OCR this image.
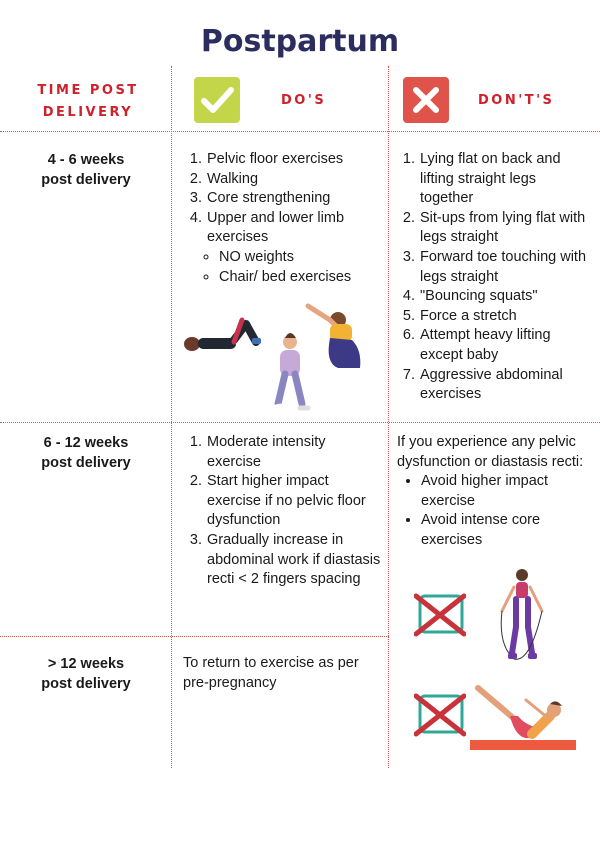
Postpartum
TIME POST
DELIVERY
DO'S	DON'T'S
4 - 6 weeks
post delivery
1. Pelvic floor exercises
2. Walking
3. Core strengthening
4. Upper and lower limb exercises
◦ NO weights
◦ Chair/ bed exercises
1. Lying flat on back and lifting straight legs together
2. Sit-ups from lying flat with legs straight
3. Forward toe touching with legs straight
4. "Bouncing squats"
5. Force a stretch
6. Attempt heavy lifting except baby
7. Aggressive abdominal exercises
6 - 12 weeks
post delivery
1. Moderate intensity exercise
2. Start higher impact exercise if no pelvic floor dysfunction
3. Gradually increase in abdominal work if diastasis recti < 2 fingers spacing

If you experience any pelvic dysfunction or diastasis recti:

• Avoid higher impact exercise
• Avoid intense core exercises
> 12 weeks
post delivery

To return to exercise as per pre-pregnancy
